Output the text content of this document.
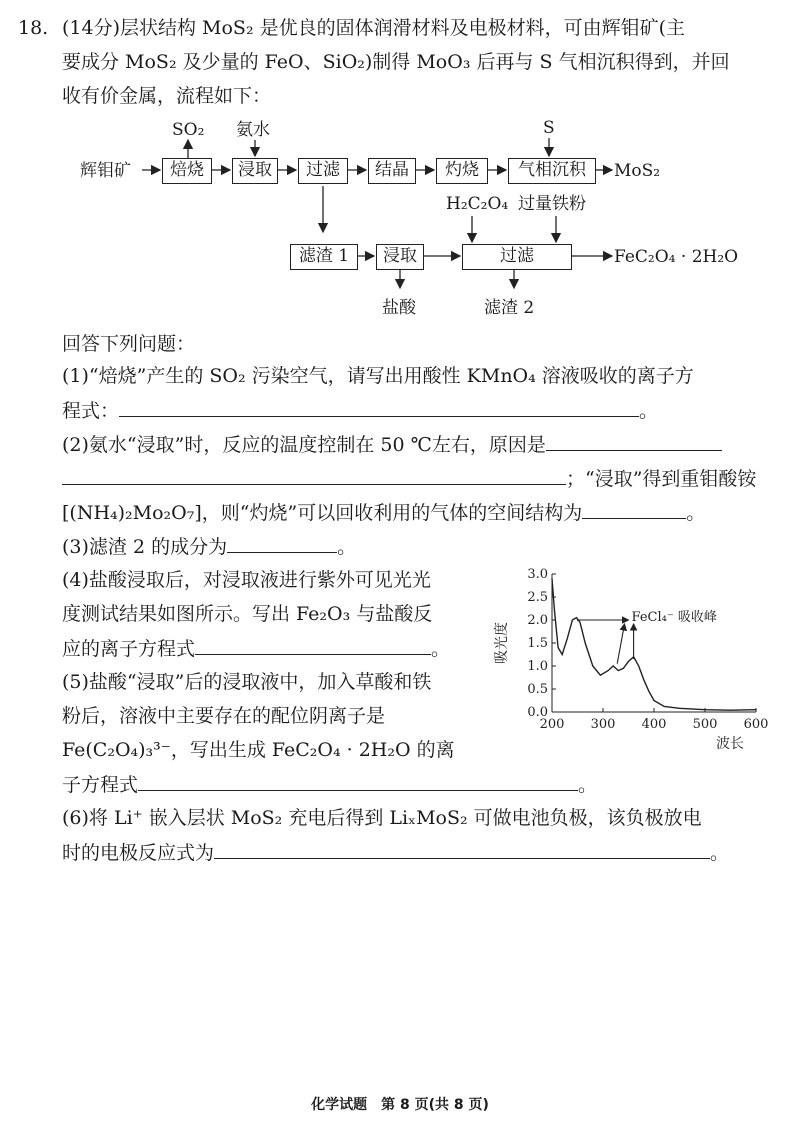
18. (14分)层状结构 MoS₂ 是优良的固体润滑材料及电极材料，可由辉钼矿(主
要成分 MoS₂ 及少量的 FeO、SiO₂)制得 MoO₃ 后再与 S 气相沉积得到，并回
收有价金属，流程如下：
辉钼矿	焙烧	浸取	过滤	结晶	灼烧	气相沉积	MoS₂
SO₂ 氨水	S
H₂C₂O₄ 过量铁粉
滤渣 1	浸取	过滤	FeC₂O₄ · 2H₂O
盐酸	滤渣 2
回答下列问题：
(1)“焙烧”产生的 SO₂ 污染空气，请写出用酸性 KMnO₄ 溶液吸收的离子方
程式：	。
(2)氨水“浸取”时，反应的温度控制在 50 ℃左右，原因是
；“浸取”得到重钼酸铵
[(NH₄)₂Mo₂O₇]，则“灼烧”可以回收利用的气体的空间结构为	。
(3)滤渣 2 的成分为	。
(4)盐酸浸取后，对浸取液进行紫外可见光光
度测试结果如图所示。写出 Fe₂O₃ 与盐酸反
应的离子方程式	。
(5)盐酸“浸取”后的浸取液中，加入草酸和铁
粉后，溶液中主要存在的配位阴离子是
Fe(C₂O₄)₃³⁻，写出生成 FeC₂O₄ · 2H₂O 的离
子方程式	。
(6)将 Li⁺ 嵌入层状 MoS₂ 充电后得到 LiₓMoS₂ 可做电池负极，该负极放电
时的电极反应式为	。
200 300 400 500 600
0.0
0.5
1.0
1.5
2.0
2.5
3.0
波长
吸光度
FeCl₄⁻ 吸收峰
化学试题　第 8 页(共 8 页)
